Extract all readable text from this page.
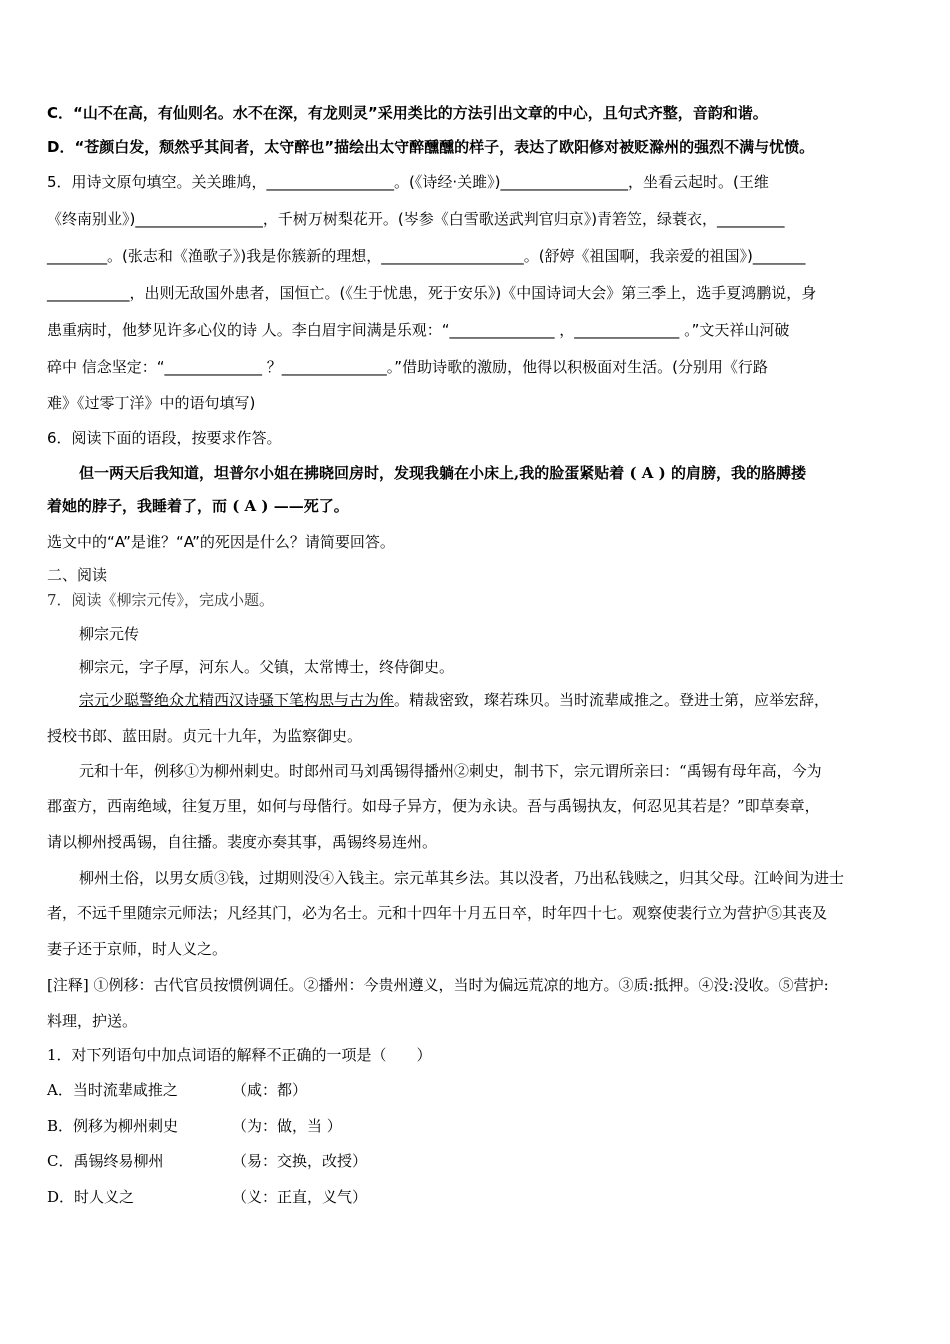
C．“山不在高，有仙则名。水不在深，有龙则灵”采用类比的方法引出文章的中心，且句式齐整，音韵和谐。
D．“苍颜白发，颓然乎其间者，太守醉也”描绘出太守醉醺醺的样子，表达了欧阳修对被贬滁州的强烈不满与忧愤。
5．用诗文原句填空。关关雎鸠，_________________。(《诗经·关雎》)_________________，坐看云起时。(王维
《终南别业》)_________________，千树万树梨花开。(岑参《白雪歌送武判官归京》)青箬笠，绿蓑衣，_________
________。(张志和《渔歌子》)我是你簇新的理想，___________________。(舒婷《祖国啊，我亲爱的祖国》)_______
___________，出则无敌国外患者，国恒亡。(《生于忧患，死于安乐》)《中国诗词大会》第三季上，选手夏鸿鹏说，身
患重病时，他梦见许多心仪的诗 人。李白眉宇间满是乐观：“______________ ，______________ 。”文天祥山河破
碎中 信念坚定：“_____________ ？______________。”借助诗歌的激励，他得以积极面对生活。(分别用《行路
难》《过零丁洋》中的语句填写)
6．阅读下面的语段，按要求作答。
但一两天后我知道，坦普尔小姐在拂晓回房时，发现我躺在小床上,我的脸蛋紧贴着 ( A ) 的肩膀，我的胳膊搂
着她的脖子，我睡着了，而 ( A ) ——死了。
选文中的“A”是谁？“A”的死因是什么？请简要回答。
二、阅读
7．阅读《柳宗元传》，完成小题。
柳宗元传
柳宗元，字子厚，河东人。父镇，太常博士，终侍御史。
宗元少聪警绝众尤精西汉诗骚下笔构思与古为侔。精裁密致，璨若珠贝。当时流辈咸推之。登进士第，应举宏辞，
授校书郎、蓝田尉。贞元十九年，为监察御史。
元和十年，例移①为柳州刺史。时郎州司马刘禹锡得播州②刺史，制书下，宗元谓所亲曰：“禹锡有母年高，今为
郡蛮方，西南绝域，往复万里，如何与母偕行。如母子异方，便为永诀。吾与禹锡执友，何忍见其若是？”即草奏章，
请以柳州授禹锡，自往播。裴度亦奏其事，禹锡终易连州。
柳州土俗，以男女质③钱，过期则没④入钱主。宗元革其乡法。其以没者，乃出私钱赎之，归其父母。江岭间为进士
者，不远千里随宗元师法；凡经其门，必为名士。元和十四年十月五日卒，时年四十七。观察使裴行立为营护⑤其丧及
妻子还于京师，时人义之。
[注释] ①例移：古代官员按惯例调任。②播州：今贵州遵义，当时为偏远荒凉的地方。③质:抵押。④没:没收。⑤营护:
料理，护送。
1．对下列语句中加点词语的解释不正确的一项是（　　）
A．当时流辈咸推之	（咸：都）
B．例移为柳州刺史	（为：做，当 ）
C．禹锡终易柳州	（易：交换，改授）
D．时人义之	（义：正直，义气）
